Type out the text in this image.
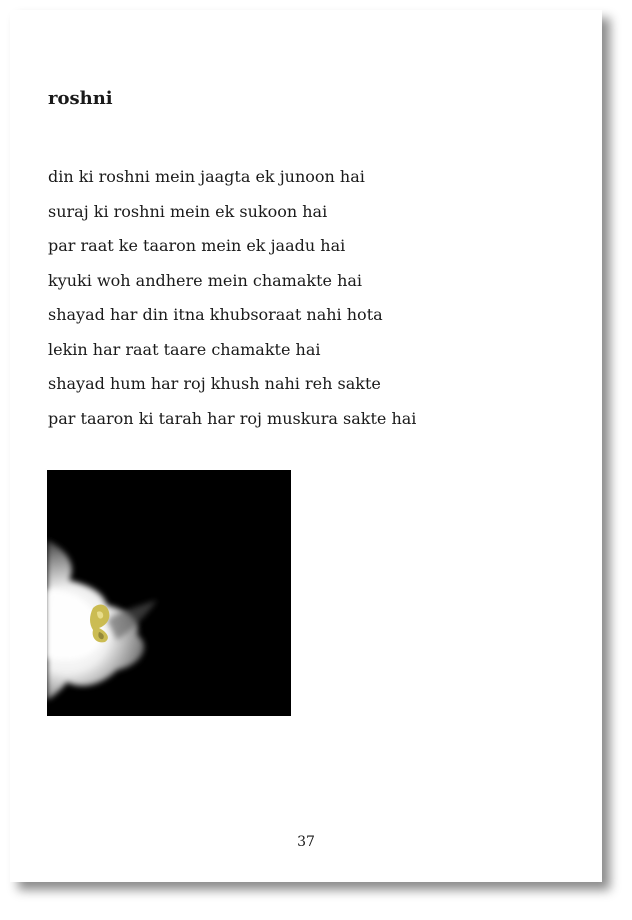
roshni
din ki roshni mein jaagta ek junoon hai
suraj ki roshni mein ek sukoon hai
par raat ke taaron mein ek jaadu hai
kyuki woh andhere mein chamakte hai
shayad har din itna khubsoraat nahi hota
lekin har raat taare chamakte hai
shayad hum har roj khush nahi reh sakte
par taaron ki tarah har roj muskura sakte hai
37
